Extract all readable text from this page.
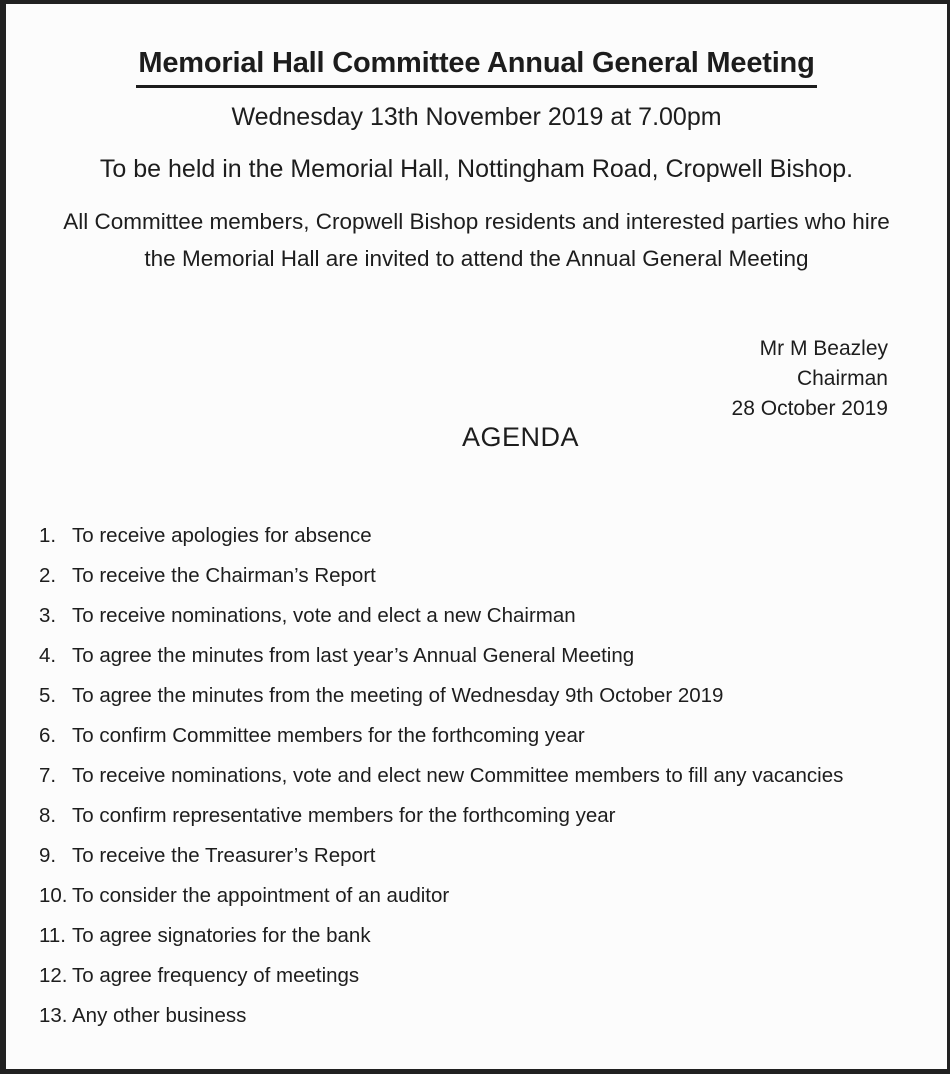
Memorial Hall Committee Annual General Meeting

Wednesday 13th November 2019 at 7.00pm

To be held in the Memorial Hall, Nottingham Road, Cropwell Bishop.

All Committee members, Cropwell Bishop residents and interested parties who hire
the Memorial Hall are invited to attend the Annual General Meeting

Mr M Beazley
Chairman
28 October 2019
AGENDA
1. To receive apologies for absence
2. To receive the Chairman’s Report
3. To receive nominations, vote and elect a new Chairman
4. To agree the minutes from last year’s Annual General Meeting
5. To agree the minutes from the meeting of Wednesday 9th October 2019
6. To confirm Committee members for the forthcoming year
7. To receive nominations, vote and elect new Committee members to fill any vacancies
8. To confirm representative members for the forthcoming year
9. To receive the Treasurer’s Report
10. To consider the appointment of an auditor
11. To agree signatories for the bank
12. To agree frequency of meetings
13. Any other business
